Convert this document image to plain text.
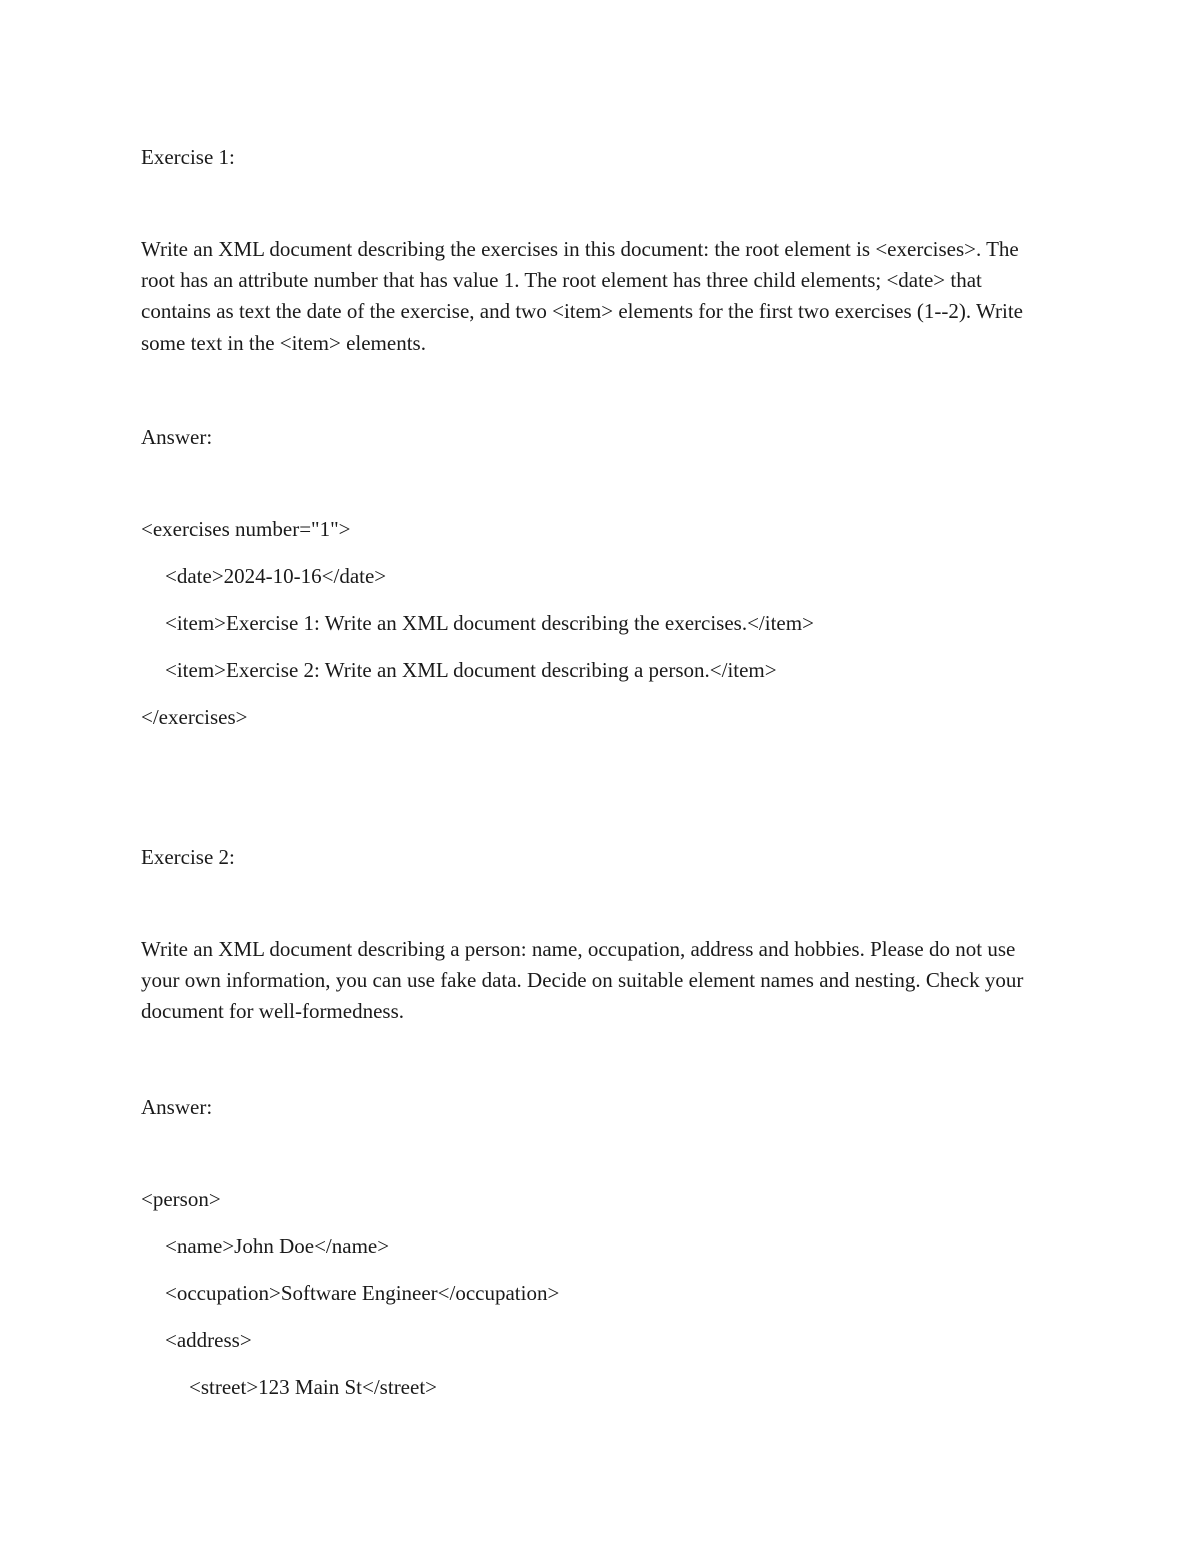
Exercise 1:
Write an XML document describing the exercises in this document: the root element is <exercises>. The root has an attribute number that has value 1. The root element has three child elements; <date> that contains as text the date of the exercise, and two <item> elements for the first two exercises (1--2). Write some text in the <item> elements.
Answer:
<exercises number="1">
<date>2024-10-16</date>
<item>Exercise 1: Write an XML document describing the exercises.</item>
<item>Exercise 2: Write an XML document describing a person.</item>
</exercises>
Exercise 2:
Write an XML document describing a person: name, occupation, address and hobbies. Please do not use your own information, you can use fake data. Decide on suitable element names and nesting. Check your document for well-formedness.
Answer:
<person>
<name>John Doe</name>
<occupation>Software Engineer</occupation>
<address>
<street>123 Main St</street>
